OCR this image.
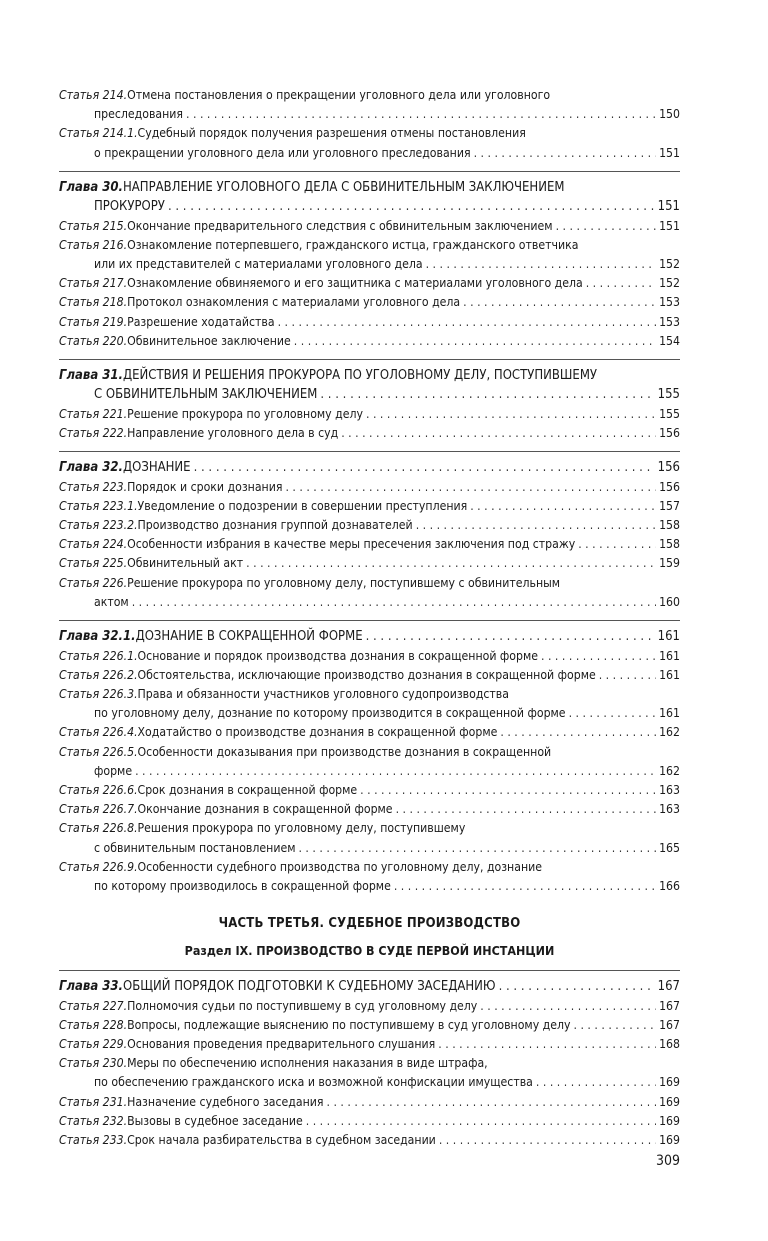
Статья 214. Отмена постановления о прекращении уголовного дела или уголовного
преследования . . .	150
Статья 214.1. Судебный порядок получения разрешения отмены постановления
о прекращении уголовного дела или уголовного преследования . . .	151
Глава 30. НАПРАВЛЕНИЕ УГОЛОВНОГО ДЕЛА С ОБВИНИТЕЛЬНЫМ ЗАКЛЮЧЕНИЕМ
ПРОКУРОРУ . . .	151
Статья 215. Окончание предварительного следствия с обвинительным заключением . . .	151
Статья 216. Ознакомление потерпевшего, гражданского истца, гражданского ответчика
или их представителей с материалами уголовного дела . . .	152
Статья 217. Ознакомление обвиняемого и его защитника с материалами уголовного дела . . .	152
Статья 218. Протокол ознакомления с материалами уголовного дела . . .	153
Статья 219. Разрешение ходатайства . . .	153
Статья 220. Обвинительное заключение . . .	154
Глава 31. ДЕЙСТВИЯ И РЕШЕНИЯ ПРОКУРОРА ПО УГОЛОВНОМУ ДЕЛУ, ПОСТУПИВШЕМУ
С ОБВИНИТЕЛЬНЫМ ЗАКЛЮЧЕНИЕМ . . .	155
Статья 221. Решение прокурора по уголовному делу . . .	155
Статья 222. Направление уголовного дела в суд . . .	156
Глава 32. ДОЗНАНИЕ . . .	156
Статья 223. Порядок и сроки дознания . . .	156
Статья 223.1. Уведомление о подозрении в совершении преступления . . .	157
Статья 223.2. Производство дознания группой дознавателей . . .	158
Статья 224. Особенности избрания в качестве меры пресечения заключения под стражу . . .	158
Статья 225. Обвинительный акт . . .	159
Статья 226. Решение прокурора по уголовному делу, поступившему с обвинительным
актом . . .	160
Глава 32.1. ДОЗНАНИЕ В СОКРАЩЕННОЙ ФОРМЕ . . .	161
Статья 226.1. Основание и порядок производства дознания в сокращенной форме . . .	161
Статья 226.2. Обстоятельства, исключающие производство дознания в сокращенной форме . . .	161
Статья 226.3. Права и обязанности участников уголовного судопроизводства
по уголовному делу, дознание по которому производится в сокращенной форме . . .	161
Статья 226.4. Ходатайство о производстве дознания в сокращенной форме . . .	162
Статья 226.5. Особенности доказывания при производстве дознания в сокращенной
форме . . .	162
Статья 226.6. Срок дознания в сокращенной форме . . .	163
Статья 226.7. Окончание дознания в сокращенной форме . . .	163
Статья 226.8. Решения прокурора по уголовному делу, поступившему
с обвинительным постановлением . . .	165
Статья 226.9. Особенности судебного производства по уголовному делу, дознание
по которому производилось в сокращенной форме . . .	166
ЧАСТЬ ТРЕТЬЯ. СУДЕБНОЕ ПРОИЗВОДСТВО
Раздел IX. ПРОИЗВОДСТВО В СУДЕ ПЕРВОЙ ИНСТАНЦИИ
Глава 33. ОБЩИЙ ПОРЯДОК ПОДГОТОВКИ К СУДЕБНОМУ ЗАСЕДАНИЮ . . .	167
Статья 227. Полномочия судьи по поступившему в суд уголовному делу . . .	167
Статья 228. Вопросы, подлежащие выяснению по поступившему в суд уголовному делу . . .	167
Статья 229. Основания проведения предварительного слушания . . .	168
Статья 230. Меры по обеспечению исполнения наказания в виде штрафа,
по обеспечению гражданского иска и возможной конфискации имущества . . .	169
Статья 231. Назначение судебного заседания . . .	169
Статья 232. Вызовы в судебное заседание . . .	169
Статья 233. Срок начала разбирательства в судебном заседании . . .	169
309
